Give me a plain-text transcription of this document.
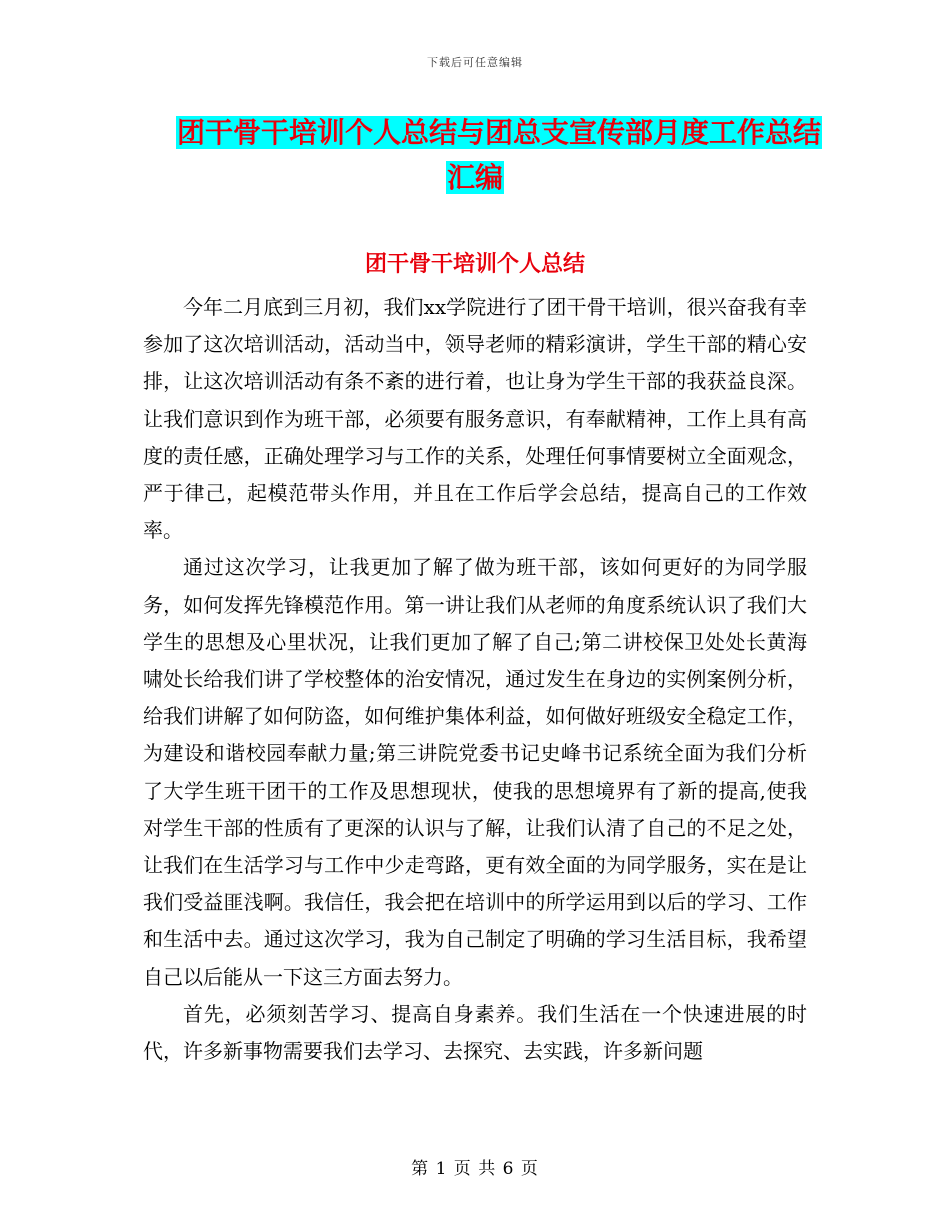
下载后可任意编辑
团干骨干培训个人总结与团总支宣传部月度工作总结
汇编
团干骨干培训个人总结

今年二月底到三月初，我们xx学院进行了团干骨干培训，很兴奋我有幸参加了这次培训活动，活动当中，领导老师的精彩演讲，学生干部的精心安排，让这次培训活动有条不紊的进行着，也让身为学生干部的我获益良深。让我们意识到作为班干部，必须要有服务意识，有奉献精神，工作上具有高度的责任感，正确处理学习与工作的关系，处理任何事情要树立全面观念，严于律己，起模范带头作用，并且在工作后学会总结，提高自己的工作效率。

通过这次学习，让我更加了解了做为班干部，该如何更好的为同学服务，如何发挥先锋模范作用。第一讲让我们从老师的角度系统认识了我们大学生的思想及心里状况，让我们更加了解了自己;第二讲校保卫处处长黄海啸处长给我们讲了学校整体的治安情况，通过发生在身边的实例案例分析，给我们讲解了如何防盗，如何维护集体利益，如何做好班级安全稳定工作，为建设和谐校园奉献力量;第三讲院党委书记史峰书记系统全面为我们分析了大学生班干团干的工作及思想现状，使我的思想境界有了新的提高,使我对学生干部的性质有了更深的认识与了解，让我们认清了自己的不足之处，让我们在生活学习与工作中少走弯路，更有效全面的为同学服务，实在是让我们受益匪浅啊。我信任，我会把在培训中的所学运用到以后的学习、工作和生活中去。通过这次学习，我为自己制定了明确的学习生活目标，我希望自己以后能从一下这三方面去努力。

首先，必须刻苦学习、提高自身素养。我们生活在一个快速进展的时代，许多新事物需要我们去学习、去探究、去实践，许多新问题

第 1 页 共 6 页
